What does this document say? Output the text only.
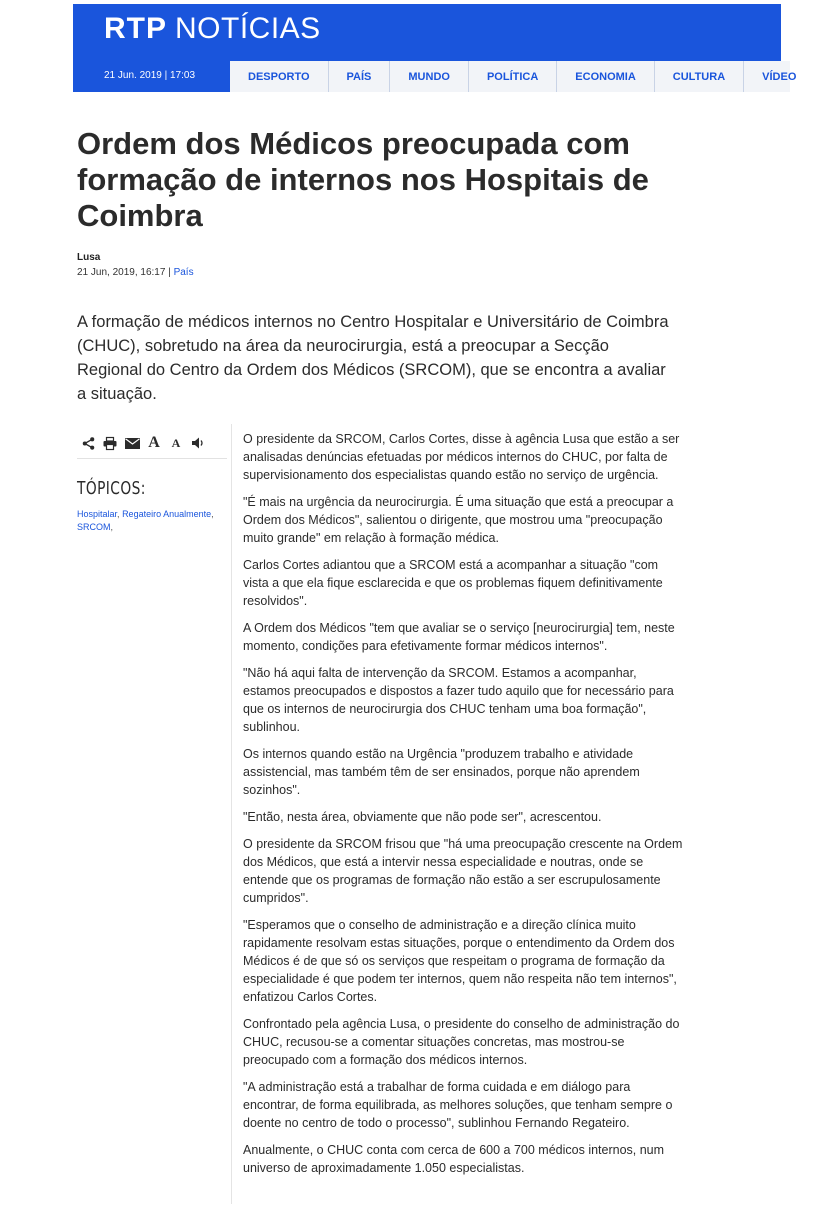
RTP NOTÍCIAS
21 Jun. 2019 | 17:03	DESPORTO	PAÍS	MUNDO	POLÍTICA	ECONOMIA	CULTURA	VÍDEO
Ordem dos Médicos preocupada com formação de internos nos Hospitais de Coimbra
Lusa
21 Jun, 2019, 16:17 | País

A formação de médicos internos no Centro Hospitalar e Universitário de Coimbra (CHUC), sobretudo na área da neurocirurgia, está a preocupar a Secção Regional do Centro da Ordem dos Médicos (SRCOM), que se encontra a avaliar a situação.

A A
TÓPICOS:
Hospitalar, Regateiro Anualmente,
SRCOM,

O presidente da SRCOM, Carlos Cortes, disse à agência Lusa que estão a ser analisadas denúncias efetuadas por médicos internos do CHUC, por falta de supervisionamento dos especialistas quando estão no serviço de urgência.

"É mais na urgência da neurocirurgia. É uma situação que está a preocupar a Ordem dos Médicos", salientou o dirigente, que mostrou uma "preocupação muito grande" em relação à formação médica.

Carlos Cortes adiantou que a SRCOM está a acompanhar a situação "com vista a que ela fique esclarecida e que os problemas fiquem definitivamente resolvidos".

A Ordem dos Médicos "tem que avaliar se o serviço [neurocirurgia] tem, neste momento, condições para efetivamente formar médicos internos".

"Não há aqui falta de intervenção da SRCOM. Estamos a acompanhar, estamos preocupados e dispostos a fazer tudo aquilo que for necessário para que os internos de neurocirurgia dos CHUC tenham uma boa formação", sublinhou.

Os internos quando estão na Urgência "produzem trabalho e atividade assistencial, mas também têm de ser ensinados, porque não aprendem sozinhos".

"Então, nesta área, obviamente que não pode ser", acrescentou.

O presidente da SRCOM frisou que "há uma preocupação crescente na Ordem dos Médicos, que está a intervir nessa especialidade e noutras, onde se entende que os programas de formação não estão a ser escrupulosamente cumpridos".

"Esperamos que o conselho de administração e a direção clínica muito rapidamente resolvam estas situações, porque o entendimento da Ordem dos Médicos é de que só os serviços que respeitam o programa de formação da especialidade é que podem ter internos, quem não respeita não tem internos", enfatizou Carlos Cortes.

Confrontado pela agência Lusa, o presidente do conselho de administração do CHUC, recusou-se a comentar situações concretas, mas mostrou-se preocupado com a formação dos médicos internos.

"A administração está a trabalhar de forma cuidada e em diálogo para encontrar, de forma equilibrada, as melhores soluções, que tenham sempre o doente no centro de todo o processo", sublinhou Fernando Regateiro.

Anualmente, o CHUC conta com cerca de 600 a 700 médicos internos, num universo de aproximadamente 1.050 especialistas.
